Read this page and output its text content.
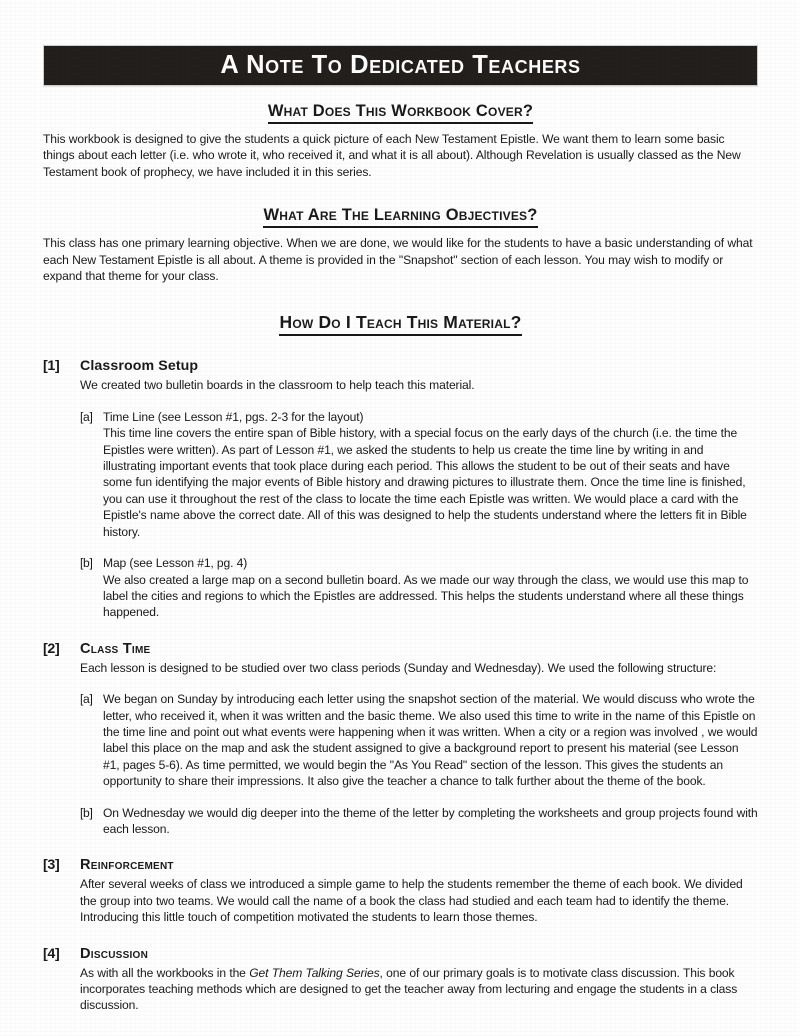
A Note To Dedicated Teachers
What Does This Workbook Cover?

This workbook is designed to give the students a quick picture of each New Testament Epistle. We want them to learn some basic things about each letter (i.e. who wrote it, who received it, and what it is all about). Although Revelation is usually classed as the New Testament book of prophecy, we have included it in this series.

What Are The Learning Objectives?

This class has one primary learning objective. When we are done, we would like for the students to have a basic understanding of what each New Testament Epistle is all about. A theme is provided in the "Snapshot" section of each lesson. You may wish to modify or expand that theme for your class.

How Do I Teach This Material?
[1]	Classroom Setup

We created two bulletin boards in the classroom to help teach this material.

[a] Time Line (see Lesson #1, pgs. 2-3 for the layout)

This time line covers the entire span of Bible history, with a special focus on the early days of the church (i.e. the time the Epistles were written). As part of Lesson #1, we asked the students to help us create the time line by writing in and illustrating important events that took place during each period. This allows the student to be out of their seats and have some fun identifying the major events of Bible history and drawing pictures to illustrate them. Once the time line is finished, you can use it throughout the rest of the class to locate the time each Epistle was written. We would place a card with the Epistle's name above the correct date. All of this was designed to help the students understand where the letters fit in Bible history.

[b] Map (see Lesson #1, pg. 4)

We also created a large map on a second bulletin board. As we made our way through the class, we would use this map to label the cities and regions to which the Epistles are addressed. This helps the students understand where all these things happened.

[2]	Class Time

Each lesson is designed to be studied over two class periods (Sunday and Wednesday). We used the following structure:

[a] We began on Sunday by introducing each letter using the snapshot section of the material. We would discuss who wrote the letter, who received it, when it was written and the basic theme. We also used this time to write in the name of this Epistle on the time line and point out what events were happening when it was written. When a city or a region was involved , we would label this place on the map and ask the student assigned to give a background report to present his material (see Lesson #1, pages 5-6). As time permitted, we would begin the "As You Read" section of the lesson. This gives the students an opportunity to share their impressions. It also give the teacher a chance to talk further about the theme of the book.

[b] On Wednesday we would dig deeper into the theme of the letter by completing the worksheets and group projects found with each lesson.

[3]	Reinforcement

After several weeks of class we introduced a simple game to help the students remember the theme of each book. We divided the group into two teams. We would call the name of a book the class had studied and each team had to identify the theme. Introducing this little touch of competition motivated the students to learn those themes.

[4]	Discussion

As with all the workbooks in the Get Them Talking Series, one of our primary goals is to motivate class discussion. This book incorporates teaching methods which are designed to get the teacher away from lecturing and engage the students in a class discussion.
